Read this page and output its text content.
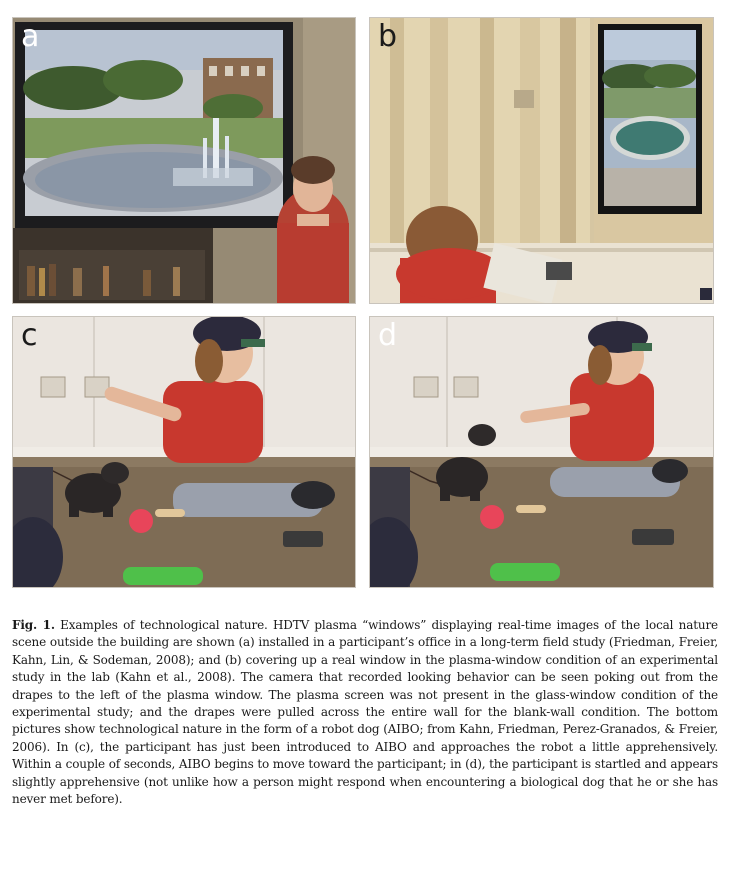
a	b
c	d

Fig. 1. Examples of technological nature. HDTV plasma “windows” displaying real-time images of the local nature scene outside the building are shown (a) installed in a participant’s office in a long-term field study (Friedman, Freier, Kahn, Lin, & Sodeman, 2008); and (b) covering up a real window in the plasma-window condition of an experimental study in the lab (Kahn et al., 2008). The camera that recorded looking behavior can be seen poking out from the drapes to the left of the plasma window. The plasma screen was not present in the glass-window condition of the experimental study; and the drapes were pulled across the entire wall for the blank-wall condition. The bottom pictures show technological nature in the form of a robot dog (AIBO; from Kahn, Friedman, Perez-Granados, & Freier, 2006). In (c), the participant has just been introduced to AIBO and approaches the robot a little apprehensively. Within a couple of seconds, AIBO begins to move toward the participant; in (d), the participant is startled and appears slightly apprehensive (not unlike how a person might respond when encountering a biological dog that he or she has never met before).
